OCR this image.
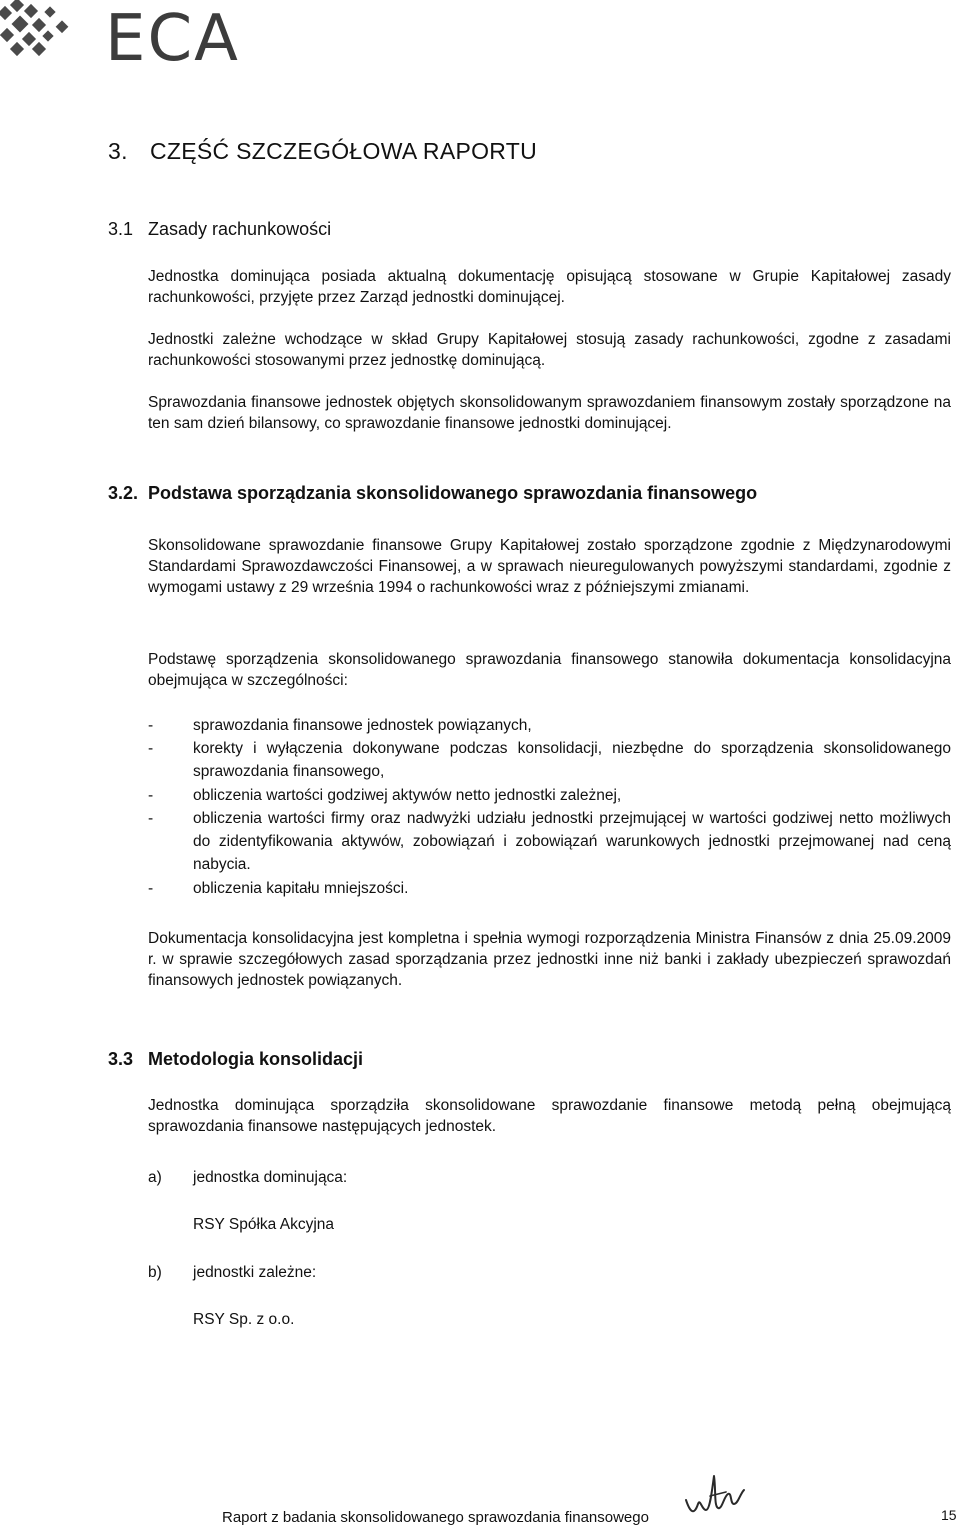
ECA
3. CZĘŚĆ SZCZEGÓŁOWA RAPORTU
3.1 Zasady rachunkowości
Jednostka dominująca posiada aktualną dokumentację opisującą stosowane w Grupie Kapitałowej zasady rachunkowości, przyjęte przez Zarząd jednostki dominującej.
Jednostki zależne wchodzące w skład Grupy Kapitałowej stosują zasady rachunkowości, zgodne z zasadami rachunkowości stosowanymi przez jednostkę dominującą.
Sprawozdania finansowe jednostek objętych skonsolidowanym sprawozdaniem finansowym zostały sporządzone na ten sam dzień bilansowy, co sprawozdanie finansowe jednostki dominującej.
3.2. Podstawa sporządzania skonsolidowanego sprawozdania finansowego
Skonsolidowane sprawozdanie finansowe Grupy Kapitałowej zostało sporządzone zgodnie z Międzynarodowymi Standardami Sprawozdawczości Finansowej, a w sprawach nieuregulowanych powyższymi standardami, zgodnie z wymogami ustawy z 29 września 1994 o rachunkowości wraz z późniejszymi zmianami.
Podstawę sporządzenia skonsolidowanego sprawozdania finansowego stanowiła dokumentacja konsolidacyjna obejmująca w szczególności:
-	sprawozdania finansowe jednostek powiązanych,
-	korekty i wyłączenia dokonywane podczas konsolidacji, niezbędne do sporządzenia skonsolidowanego sprawozdania finansowego,
-	obliczenia wartości godziwej aktywów netto jednostki zależnej,
-	obliczenia wartości firmy oraz nadwyżki udziału jednostki przejmującej w wartości godziwej netto możliwych do zidentyfikowania aktywów, zobowiązań i zobowiązań warunkowych jednostki przejmowanej nad ceną nabycia.
-	obliczenia kapitału mniejszości.
Dokumentacja konsolidacyjna jest kompletna i spełnia wymogi rozporządzenia Ministra Finansów z dnia 25.09.2009 r. w sprawie szczegółowych zasad sporządzania przez jednostki inne niż banki i zakłady ubezpieczeń sprawozdań finansowych jednostek powiązanych.
3.3 Metodologia konsolidacji
Jednostka dominująca sporządziła skonsolidowane sprawozdanie finansowe metodą pełną obejmującą sprawozdania finansowe następujących jednostek.
a) jednostka dominująca:
RSY Spółka Akcyjna
b) jednostki zależne:
RSY Sp. z o.o.
Raport z badania skonsolidowanego sprawozdania finansowego	15
